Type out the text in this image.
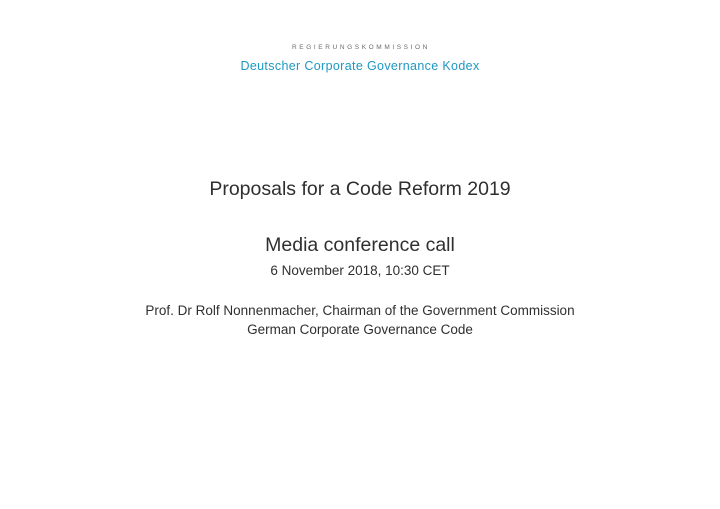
REGIERUNGSKOMMISSION
Deutscher Corporate Governance Kodex
Proposals for a Code Reform 2019
Media conference call
6 November 2018, 10:30 CET
Prof. Dr Rolf Nonnenmacher, Chairman of the Government Commission
German Corporate Governance Code
